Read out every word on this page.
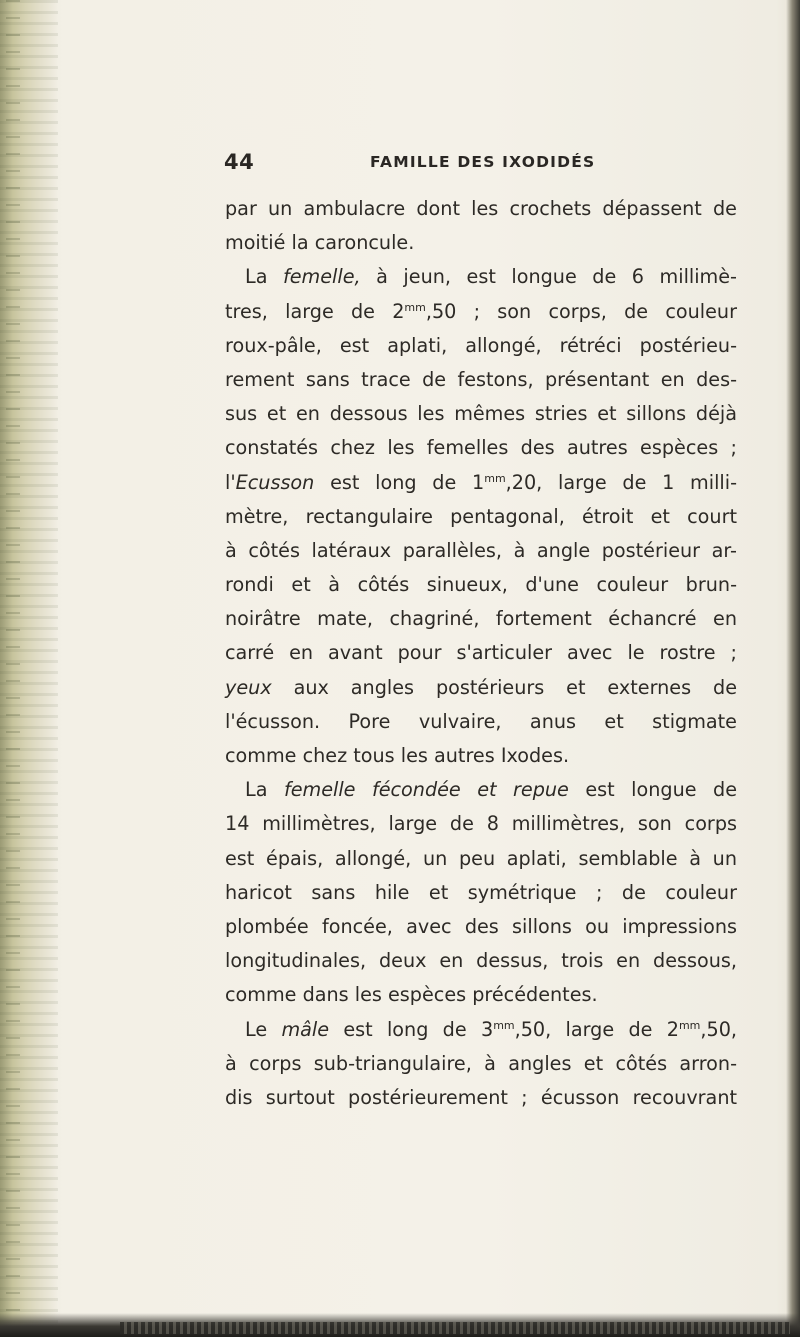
44	FAMILLE DES IXODIDÉS
par un ambulacre dont les crochets dépassent de
moitié la caroncule.
La femelle, à jeun, est longue de 6 millimè-
tres, large de $2^{mm},50$ ; son corps, de couleur
roux-pâle, est aplati, allongé, rétréci postérieu-
rement sans trace de festons, présentant en des-
sus et en dessous les mêmes stries et sillons déjà
constatés chez les femelles des autres espèces ;
l'Ecusson est long de $1^{mm},20$, large de 1 milli-
mètre, rectangulaire pentagonal, étroit et court
à côtés latéraux parallèles, à angle postérieur ar-
rondi et à côtés sinueux, d'une couleur brun-
noirâtre mate, chagriné, fortement échancré en
carré en avant pour s'articuler avec le rostre ;
yeux aux angles postérieurs et externes de
l'écusson. Pore vulvaire, anus et stigmate
comme chez tous les autres Ixodes.
La femelle fécondée et repue est longue de
14 millimètres, large de 8 millimètres, son corps
est épais, allongé, un peu aplati, semblable à un
haricot sans hile et symétrique ; de couleur
plombée foncée, avec des sillons ou impressions
longitudinales, deux en dessus, trois en dessous,
comme dans les espèces précédentes.
Le mâle est long de $3^{mm},50$, large de $2^{mm},50$,
à corps sub-triangulaire, à angles et côtés arron-
dis surtout postérieurement ; écusson recouvrant
